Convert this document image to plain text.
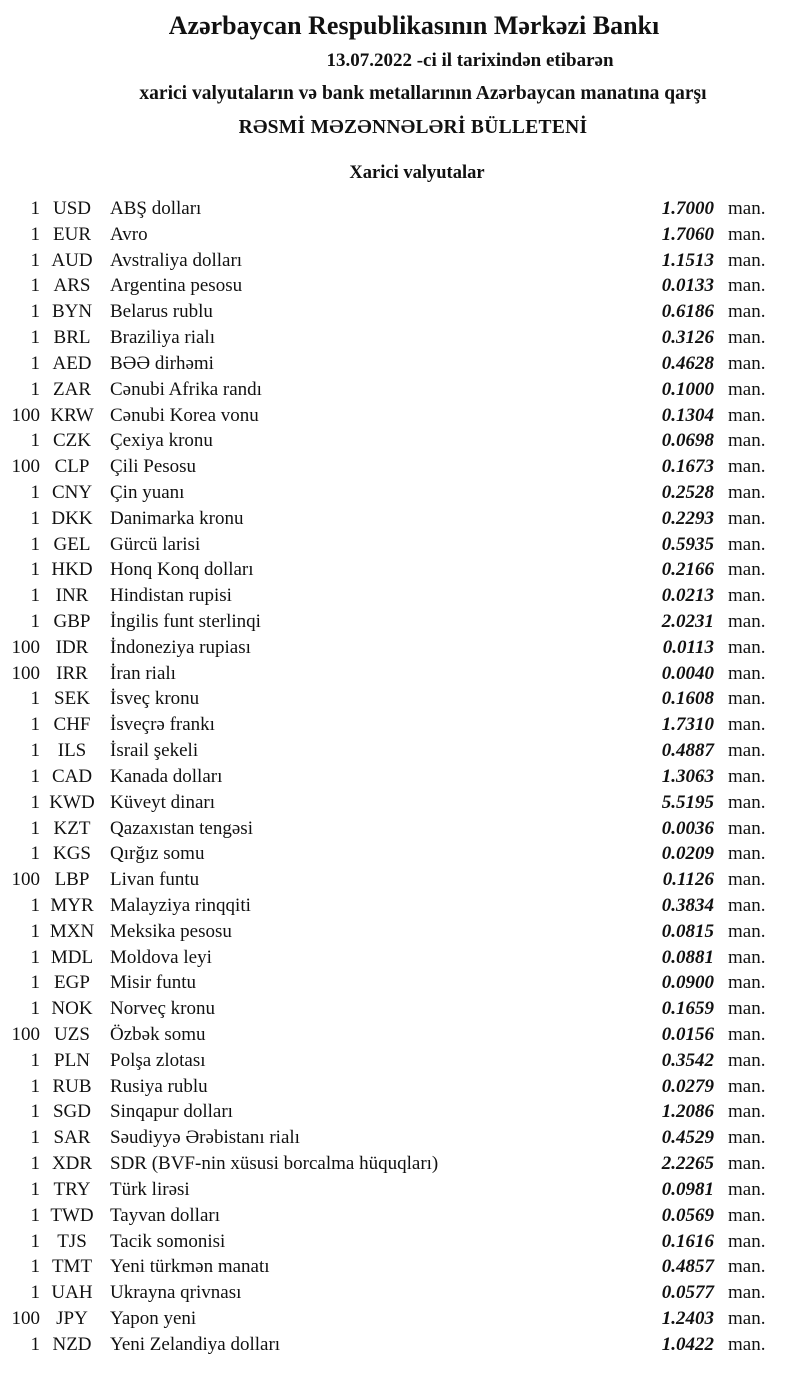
Azərbaycan Respublikasının Mərkəzi Bankı
13.07.2022 -ci il tarixindən etibarən
xarici valyutaların və bank metallarının Azərbaycan manatına qarşı
RƏSMİ MƏZƏNNƏLƏRİ BÜLLETENİ
Xarici valyutalar
1 USD	ABŞ dolları	1.7000 man.
1 EUR	Avro	1.7060 man.
1 AUD Avstraliya dolları	1.1513 man.
1 ARS	Argentina pesosu	0.0133 man.
1 BYN Belarus rublu	0.6186 man.
1 BRL	Braziliya rialı	0.3126 man.
1 AED BƏƏ dirhəmi	0.4628 man.
1 ZAR	Cənubi Afrika randı	0.1000 man.
100 KRW Cənubi Korea vonu	0.1304 man.
1 CZK	Çexiya kronu	0.0698 man.
100 CLP	Çili Pesosu	0.1673 man.
1 CNY Çin yuanı	0.2528 man.
1 DKK Danimarka kronu	0.2293 man.
1 GEL	Gürcü larisi	0.5935 man.
1 HKD Honq Konq dolları	0.2166 man.
1 INR	Hindistan rupisi	0.0213 man.
1 GBP	İngilis funt sterlinqi	2.0231 man.
100 IDR	İndoneziya rupiası	0.0113 man.
100 IRR	İran rialı	0.0040 man.
1 SEK	İsveç kronu	0.1608 man.
1 CHF	İsveçrə frankı	1.7310 man.
1 ILS	İsrail şekeli	0.4887 man.
1 CAD Kanada dolları	1.3063 man.
1 KWD Küveyt dinarı	5.5195 man.
1 KZT	Qazaxıstan tengəsi	0.0036 man.
1 KGS	Qırğız somu	0.0209 man.
100 LBP	Livan funtu	0.1126 man.
1 MYR Malayziya rinqqiti	0.3834 man.
1 MXN Meksika pesosu	0.0815 man.
1 MDL Moldova leyi	0.0881 man.
1 EGP	Misir funtu	0.0900 man.
1 NOK Norveç kronu	0.1659 man.
100 UZS	Özbək somu	0.0156 man.
1 PLN	Polşa zlotası	0.3542 man.
1 RUB Rusiya rublu	0.0279 man.
1 SGD	Sinqapur dolları	1.2086 man.
1 SAR	Səudiyyə Ərəbistanı rialı	0.4529 man.
1 XDR SDR (BVF-nin xüsusi borcalma hüquqları)	2.2265 man.
1 TRY	Türk lirəsi	0.0981 man.
1 TWD Tayvan dolları	0.0569 man.
1 TJS	Tacik somonisi	0.1616 man.
1 TMT Yeni türkmən manatı	0.4857 man.
1 UAH Ukrayna qrivnası	0.0577 man.
100 JPY	Yapon yeni	1.2403 man.
1 NZD Yeni Zelandiya dolları	1.0422 man.
